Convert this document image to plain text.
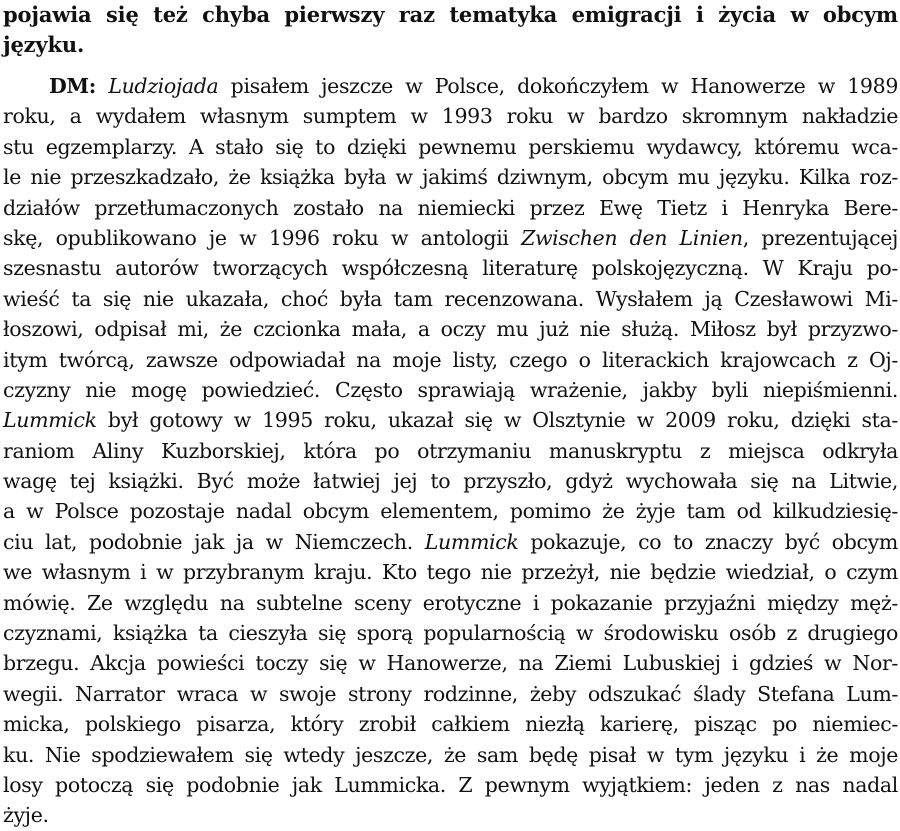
pojawia się też chyba pierwszy raz tematyka emigracji i życia w obcym
języku.

DM: Ludziojada pisałem jeszcze w Polsce, dokończyłem w Hanowerze w 1989
roku, a wydałem własnym sumptem w 1993 roku w bardzo skromnym nakładzie
stu egzemplarzy. A stało się to dzięki pewnemu perskiemu wydawcy, któremu wca-
le nie przeszkadzało, że książka była w jakimś dziwnym, obcym mu języku. Kilka roz-
działów przetłumaczonych zostało na niemiecki przez Ewę Tietz i Henryka Bere-
skę, opublikowano je w 1996 roku w antologii Zwischen den Linien, prezentującej
szesnastu autorów tworzących współczesną literaturę polskojęzyczną. W Kraju po-
wieść ta się nie ukazała, choć była tam recenzowana. Wysłałem ją Czesławowi Mi-
łoszowi, odpisał mi, że czcionka mała, a oczy mu już nie służą. Miłosz był przyzwo-
itym twórcą, zawsze odpowiadał na moje listy, czego o literackich krajowcach z Oj-
czyzny nie mogę powiedzieć. Często sprawiają wrażenie, jakby byli niepiśmienni.
Lummick był gotowy w 1995 roku, ukazał się w Olsztynie w 2009 roku, dzięki sta-
raniom Aliny Kuzborskiej, która po otrzymaniu manuskryptu z miejsca odkryła
wagę tej książki. Być może łatwiej jej to przyszło, gdyż wychowała się na Litwie,
a w Polsce pozostaje nadal obcym elementem, pomimo że żyje tam od kilkudziesię-
ciu lat, podobnie jak ja w Niemczech. Lummick pokazuje, co to znaczy być obcym
we własnym i w przybranym kraju. Kto tego nie przeżył, nie będzie wiedział, o czym
mówię. Ze względu na subtelne sceny erotyczne i pokazanie przyjaźni między męż-
czyznami, książka ta cieszyła się sporą popularnością w środowisku osób z drugiego
brzegu. Akcja powieści toczy się w Hanowerze, na Ziemi Lubuskiej i gdzieś w Nor-
wegii. Narrator wraca w swoje strony rodzinne, żeby odszukać ślady Stefana Lum-
micka, polskiego pisarza, który zrobił całkiem niezłą karierę, pisząc po niemiec-
ku. Nie spodziewałem się wtedy jeszcze, że sam będę pisał w tym języku i że moje
losy potoczą się podobnie jak Lummicka. Z pewnym wyjątkiem: jeden z nas nadal
żyje.
